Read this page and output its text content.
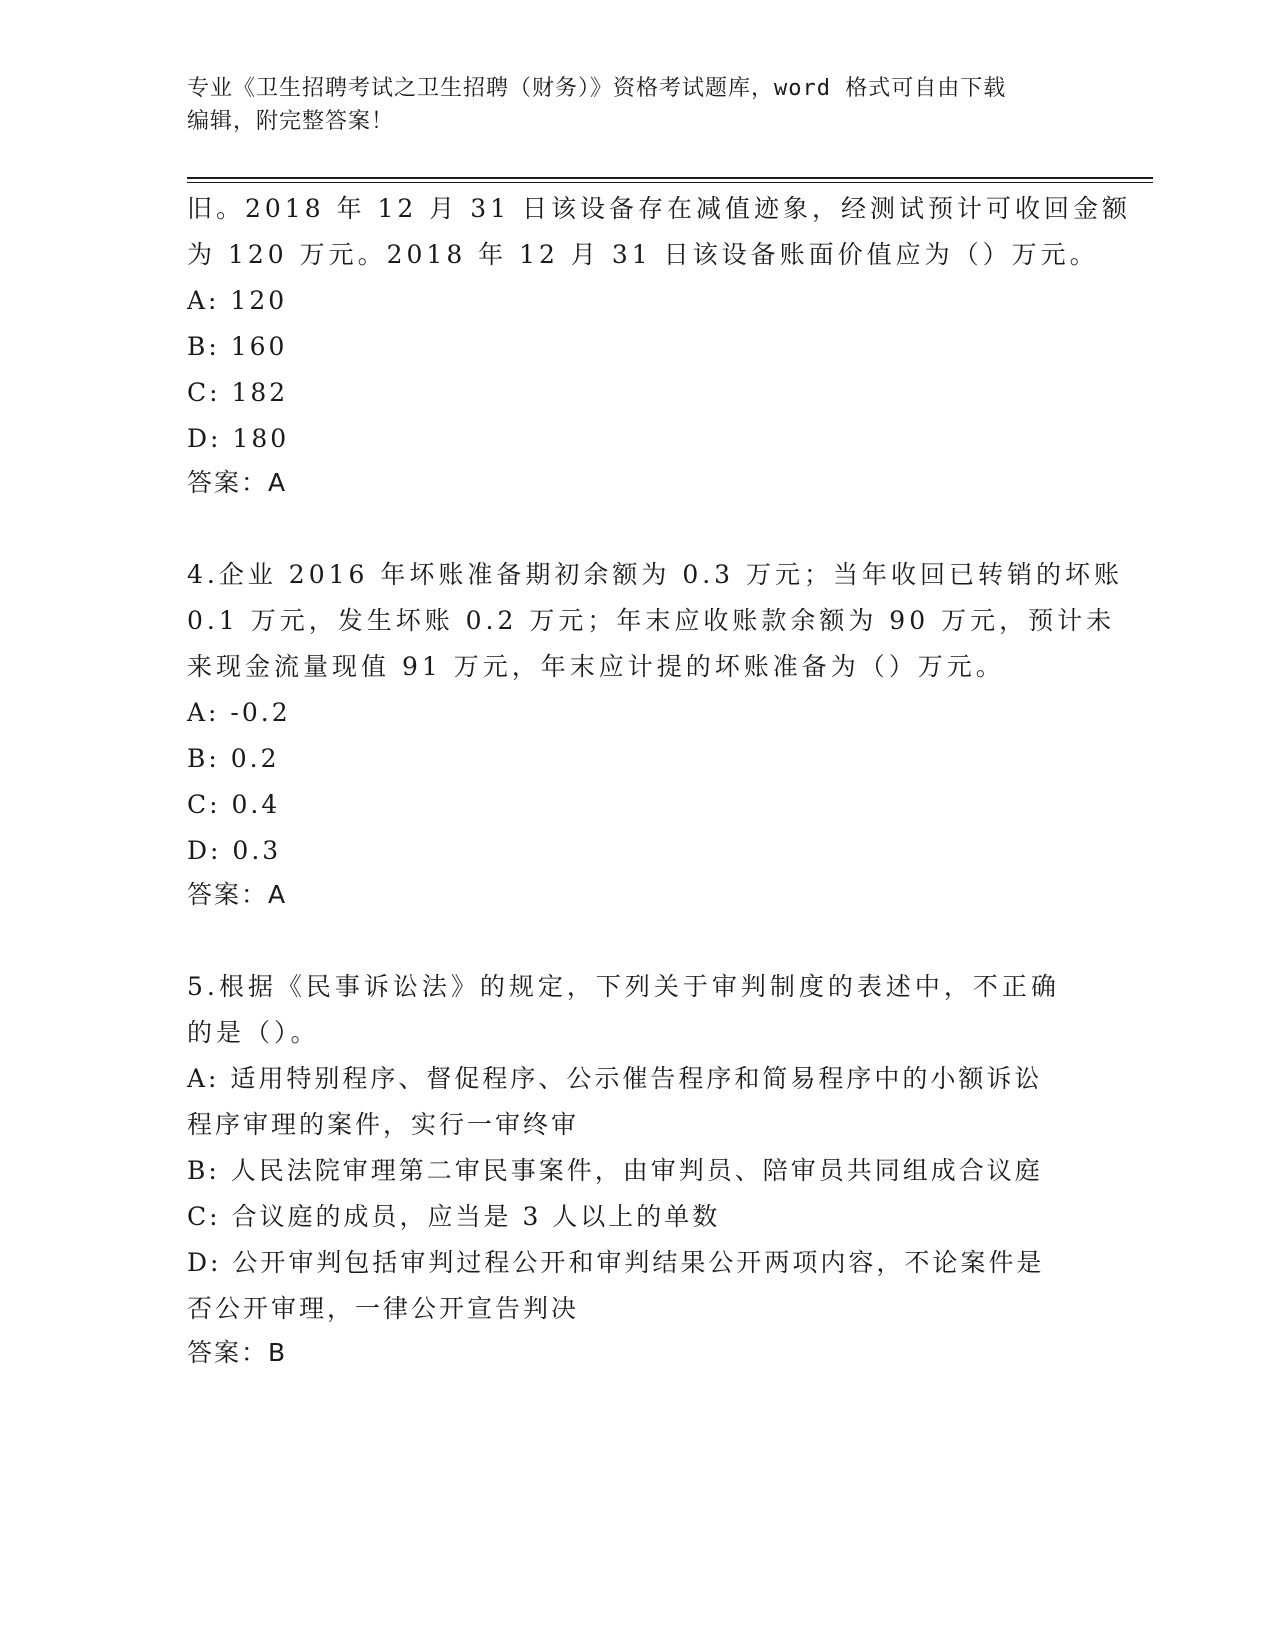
专业《卫生招聘考试之卫生招聘（财务）》资格考试题库，word 格式可自由下载
编辑，附完整答案！
旧。2018 年 12 月 31 日该设备存在减值迹象，经测试预计可收回金额
为 120 万元。2018 年 12 月 31 日该设备账面价值应为（）万元。
A: 120
B: 160
C: 182
D: 180
答案：A
4.企业 2016 年坏账准备期初余额为 0.3 万元；当年收回已转销的坏账
0.1 万元，发生坏账 0.2 万元；年末应收账款余额为 90 万元，预计未
来现金流量现值 91 万元，年末应计提的坏账准备为（）万元。
A: -0.2
B: 0.2
C: 0.4
D: 0.3
答案：A
5.根据《民事诉讼法》的规定，下列关于审判制度的表述中，不正确
的是（）。
A: 适用特别程序、督促程序、公示催告程序和简易程序中的小额诉讼
程序审理的案件，实行一审终审
B: 人民法院审理第二审民事案件，由审判员、陪审员共同组成合议庭
C: 合议庭的成员，应当是 3 人以上的单数
D: 公开审判包括审判过程公开和审判结果公开两项内容，不论案件是
否公开审理，一律公开宣告判决
答案：B
